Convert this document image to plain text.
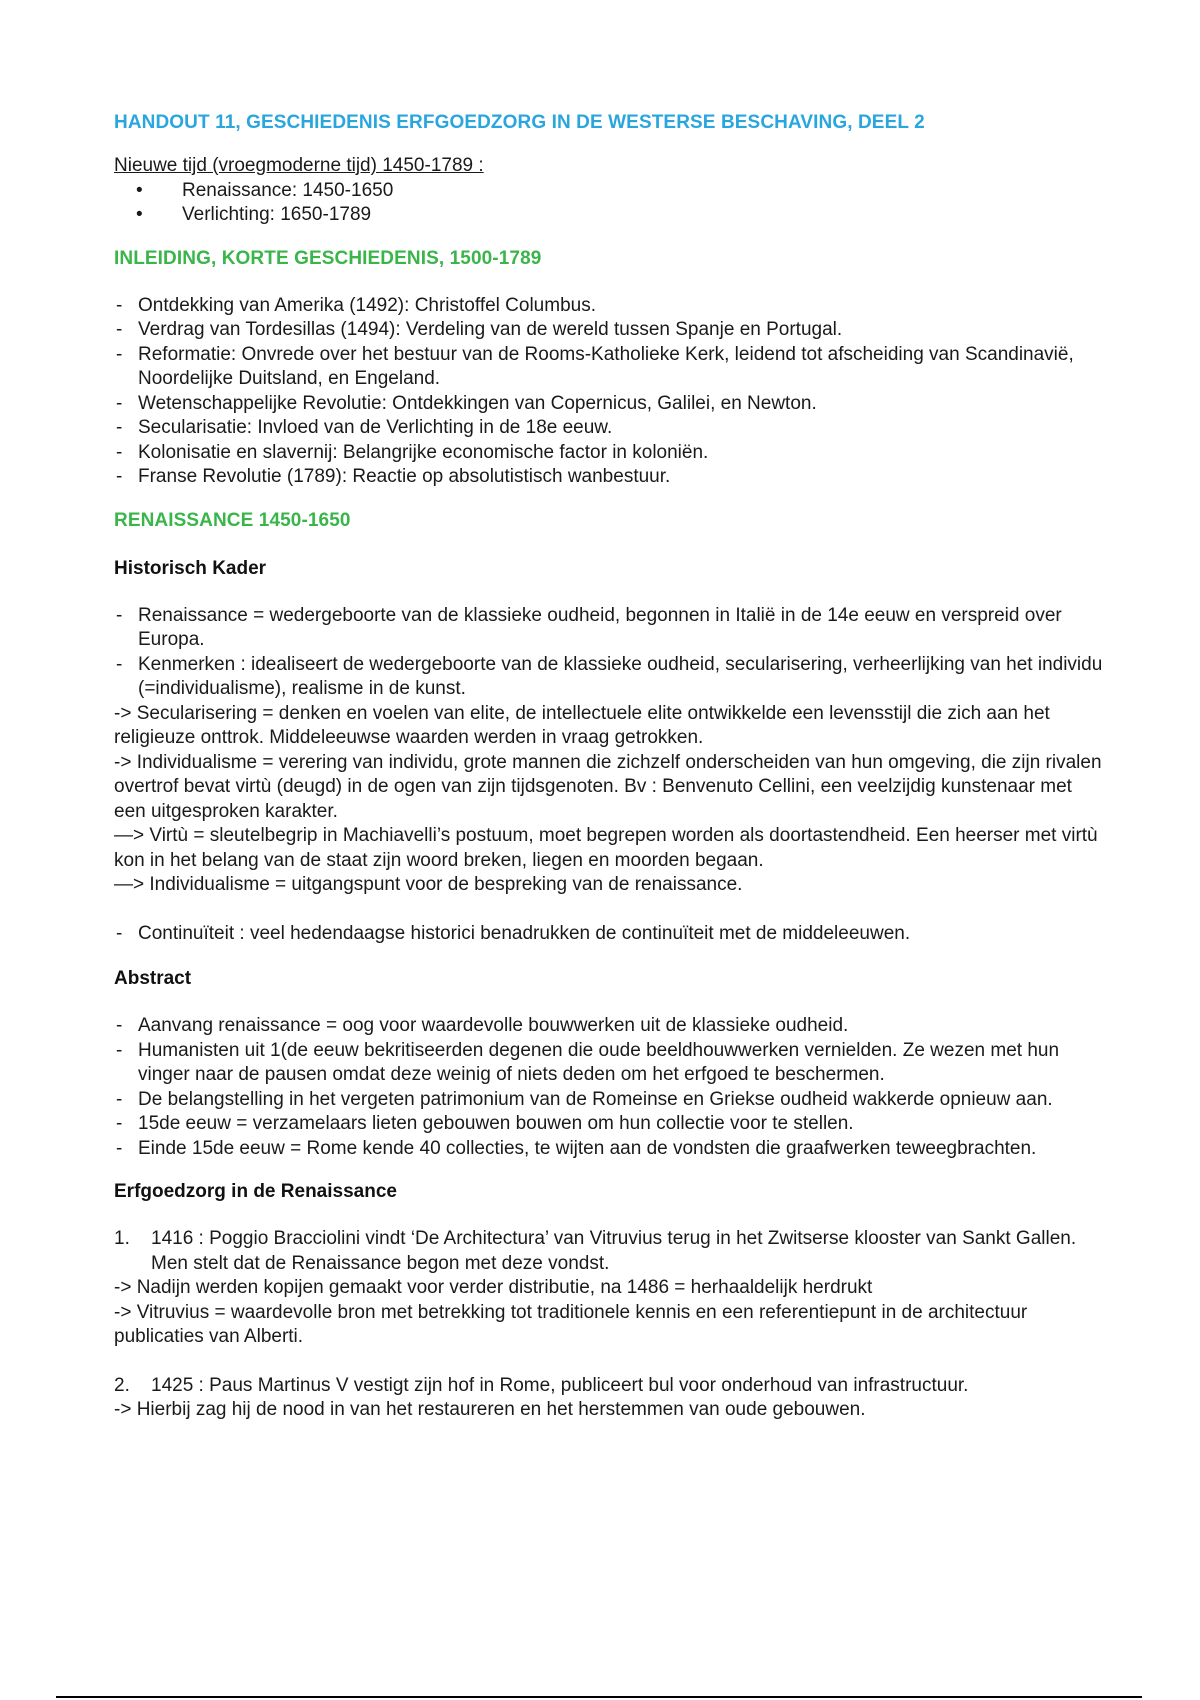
HANDOUT 11, GESCHIEDENIS ERFGOEDZORG IN DE WESTERSE BESCHAVING, DEEL 2

Nieuwe tijd (vroegmoderne tijd) 1450-1789 :

• Renaissance: 1450-1650
• Verlichting: 1650-1789
INLEIDING, KORTE GESCHIEDENIS, 1500-1789
- Ontdekking van Amerika (1492): Christoffel Columbus.
- Verdrag van Tordesillas (1494): Verdeling van de wereld tussen Spanje en Portugal.
- Reformatie: Onvrede over het bestuur van de Rooms-Katholieke Kerk, leidend tot afscheiding van Scandinavië, Noordelijke Duitsland, en Engeland.
- Wetenschappelijke Revolutie: Ontdekkingen van Copernicus, Galilei, en Newton.
- Secularisatie: Invloed van de Verlichting in de 18e eeuw.
- Kolonisatie en slavernij: Belangrijke economische factor in koloniën.
- Franse Revolutie (1789): Reactie op absolutistisch wanbestuur.
RENAISSANCE 1450-1650
Historisch Kader
- Renaissance = wedergeboorte van de klassieke oudheid, begonnen in Italië in de 14e eeuw en verspreid over Europa.
- Kenmerken : idealiseert de wedergeboorte van de klassieke oudheid, secularisering, verheerlijking van het individu (=individualisme), realisme in de kunst.

-> Secularisering = denken en voelen van elite, de intellectuele elite ontwikkelde een levensstijl die zich aan het religieuze onttrok. Middeleeuwse waarden werden in vraag getrokken.

-> Individualisme = verering van individu, grote mannen die zichzelf onderscheiden van hun omgeving, die zijn rivalen overtrof bevat virtù (deugd) in de ogen van zijn tijdsgenoten. Bv : Benvenuto Cellini, een veelzijdig kunstenaar met een uitgesproken karakter.

—> Virtù = sleutelbegrip in Machiavelli’s postuum, moet begrepen worden als doortastendheid. Een heerser met virtù kon in het belang van de staat zijn woord breken, liegen en moorden begaan.

—> Individualisme = uitgangspunt voor de bespreking van de renaissance.

- Continuïteit : veel hedendaagse historici benadrukken de continuïteit met de middeleeuwen.
Abstract
- Aanvang renaissance = oog voor waardevolle bouwwerken uit de klassieke oudheid.
- Humanisten uit 1(de eeuw bekritiseerden degenen die oude beeldhouwwerken vernielden. Ze wezen met hun vinger naar de pausen omdat deze weinig of niets deden om het erfgoed te beschermen.
- De belangstelling in het vergeten patrimonium van de Romeinse en Griekse oudheid wakkerde opnieuw aan.
- 15de eeuw = verzamelaars lieten gebouwen bouwen om hun collectie voor te stellen.
- Einde 15de eeuw = Rome kende 40 collecties, te wijten aan de vondsten die graafwerken teweegbrachten.
Erfgoedzorg in de Renaissance

1. 1416 : Poggio Bracciolini vindt ‘De Architectura’ van Vitruvius terug in het Zwitserse klooster van Sankt Gallen. Men stelt dat de Renaissance begon met deze vondst.

-> Nadijn werden kopijen gemaakt voor verder distributie, na 1486 = herhaaldelijk herdrukt

-> Vitruvius = waardevolle bron met betrekking tot traditionele kennis en een referentiepunt in de architectuur publicaties van Alberti.

2. 1425 : Paus Martinus V vestigt zijn hof in Rome, publiceert bul voor onderhoud van infrastructuur.

-> Hierbij zag hij de nood in van het restaureren en het herstemmen van oude gebouwen.
